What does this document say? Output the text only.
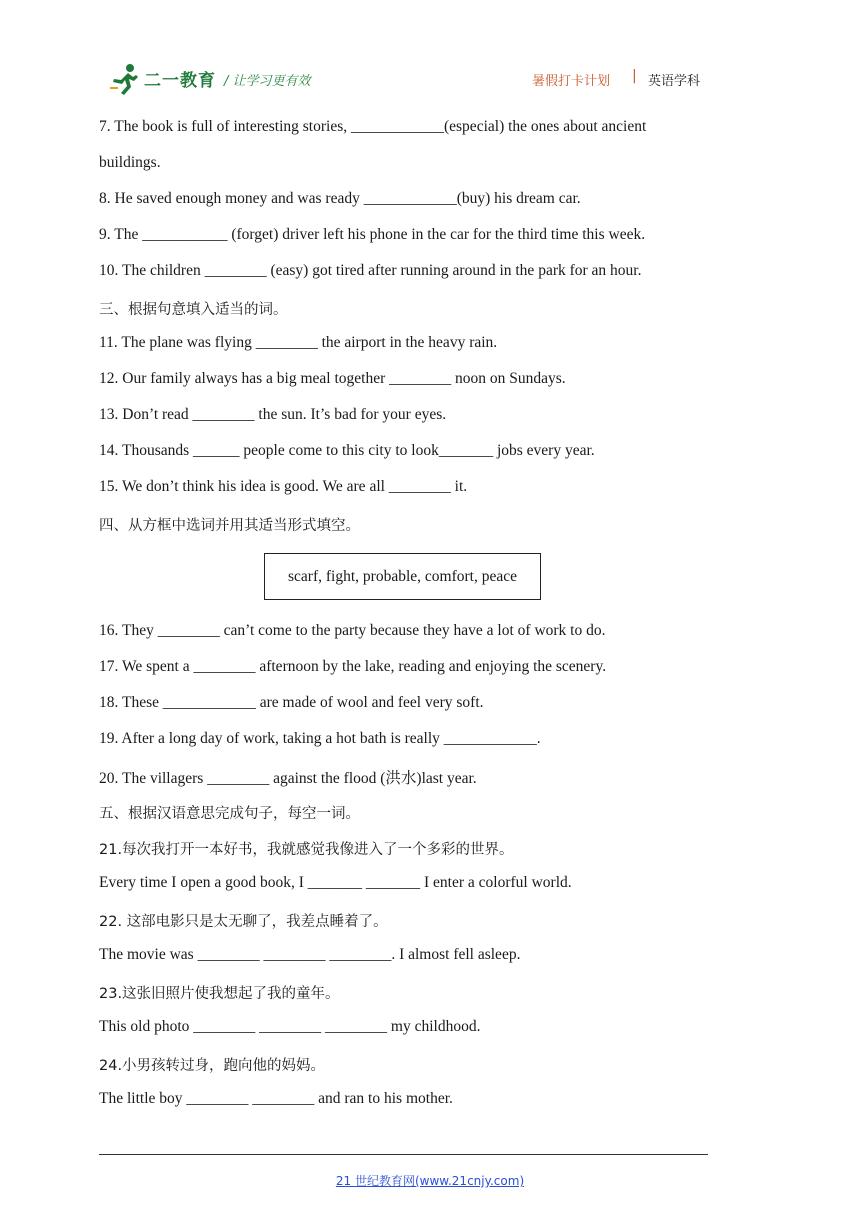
二一教育 / 让学习更有效	暑假打卡计划 | 英语学科
7. The book is full of interesting stories, ____________(especial) the ones about ancient
buildings.
8. He saved enough money and was ready ____________(buy) his dream car.
9. The ___________ (forget) driver left his phone in the car for the third time this week.
10. The children ________ (easy) got tired after running around in the park for an hour.
三、根据句意填入适当的词。
11. The plane was flying ________ the airport in the heavy rain.
12. Our family always has a big meal together ________ noon on Sundays.
13. Don’t read ________ the sun. It’s bad for your eyes.
14. Thousands ______ people come to this city to look_______ jobs every year.
15. We don’t think his idea is good. We are all ________ it.
四、从方框中选词并用其适当形式填空。
scarf, fight, probable, comfort, peace
16. They ________ can’t come to the party because they have a lot of work to do.
17. We spent a ________ afternoon by the lake, reading and enjoying the scenery.
18. These ____________ are made of wool and feel very soft.
19. After a long day of work, taking a hot bath is really ____________.
20. The villagers ________ against the flood (洪水)last year.
五、根据汉语意思完成句子，每空一词。
21.每次我打开一本好书，我就感觉我像进入了一个多彩的世界。
Every time I open a good book, I _______ _______ I enter a colorful world.
22. 这部电影只是太无聊了，我差点睡着了。
The movie was ________ ________ ________. I almost fell asleep.
23.这张旧照片使我想起了我的童年。
This old photo ________ ________ ________ my childhood.
24.小男孩转过身，跑向他的妈妈。
The little boy ________ ________ and ran to his mother.
21 世纪教育网(www.21cnjy.com)
